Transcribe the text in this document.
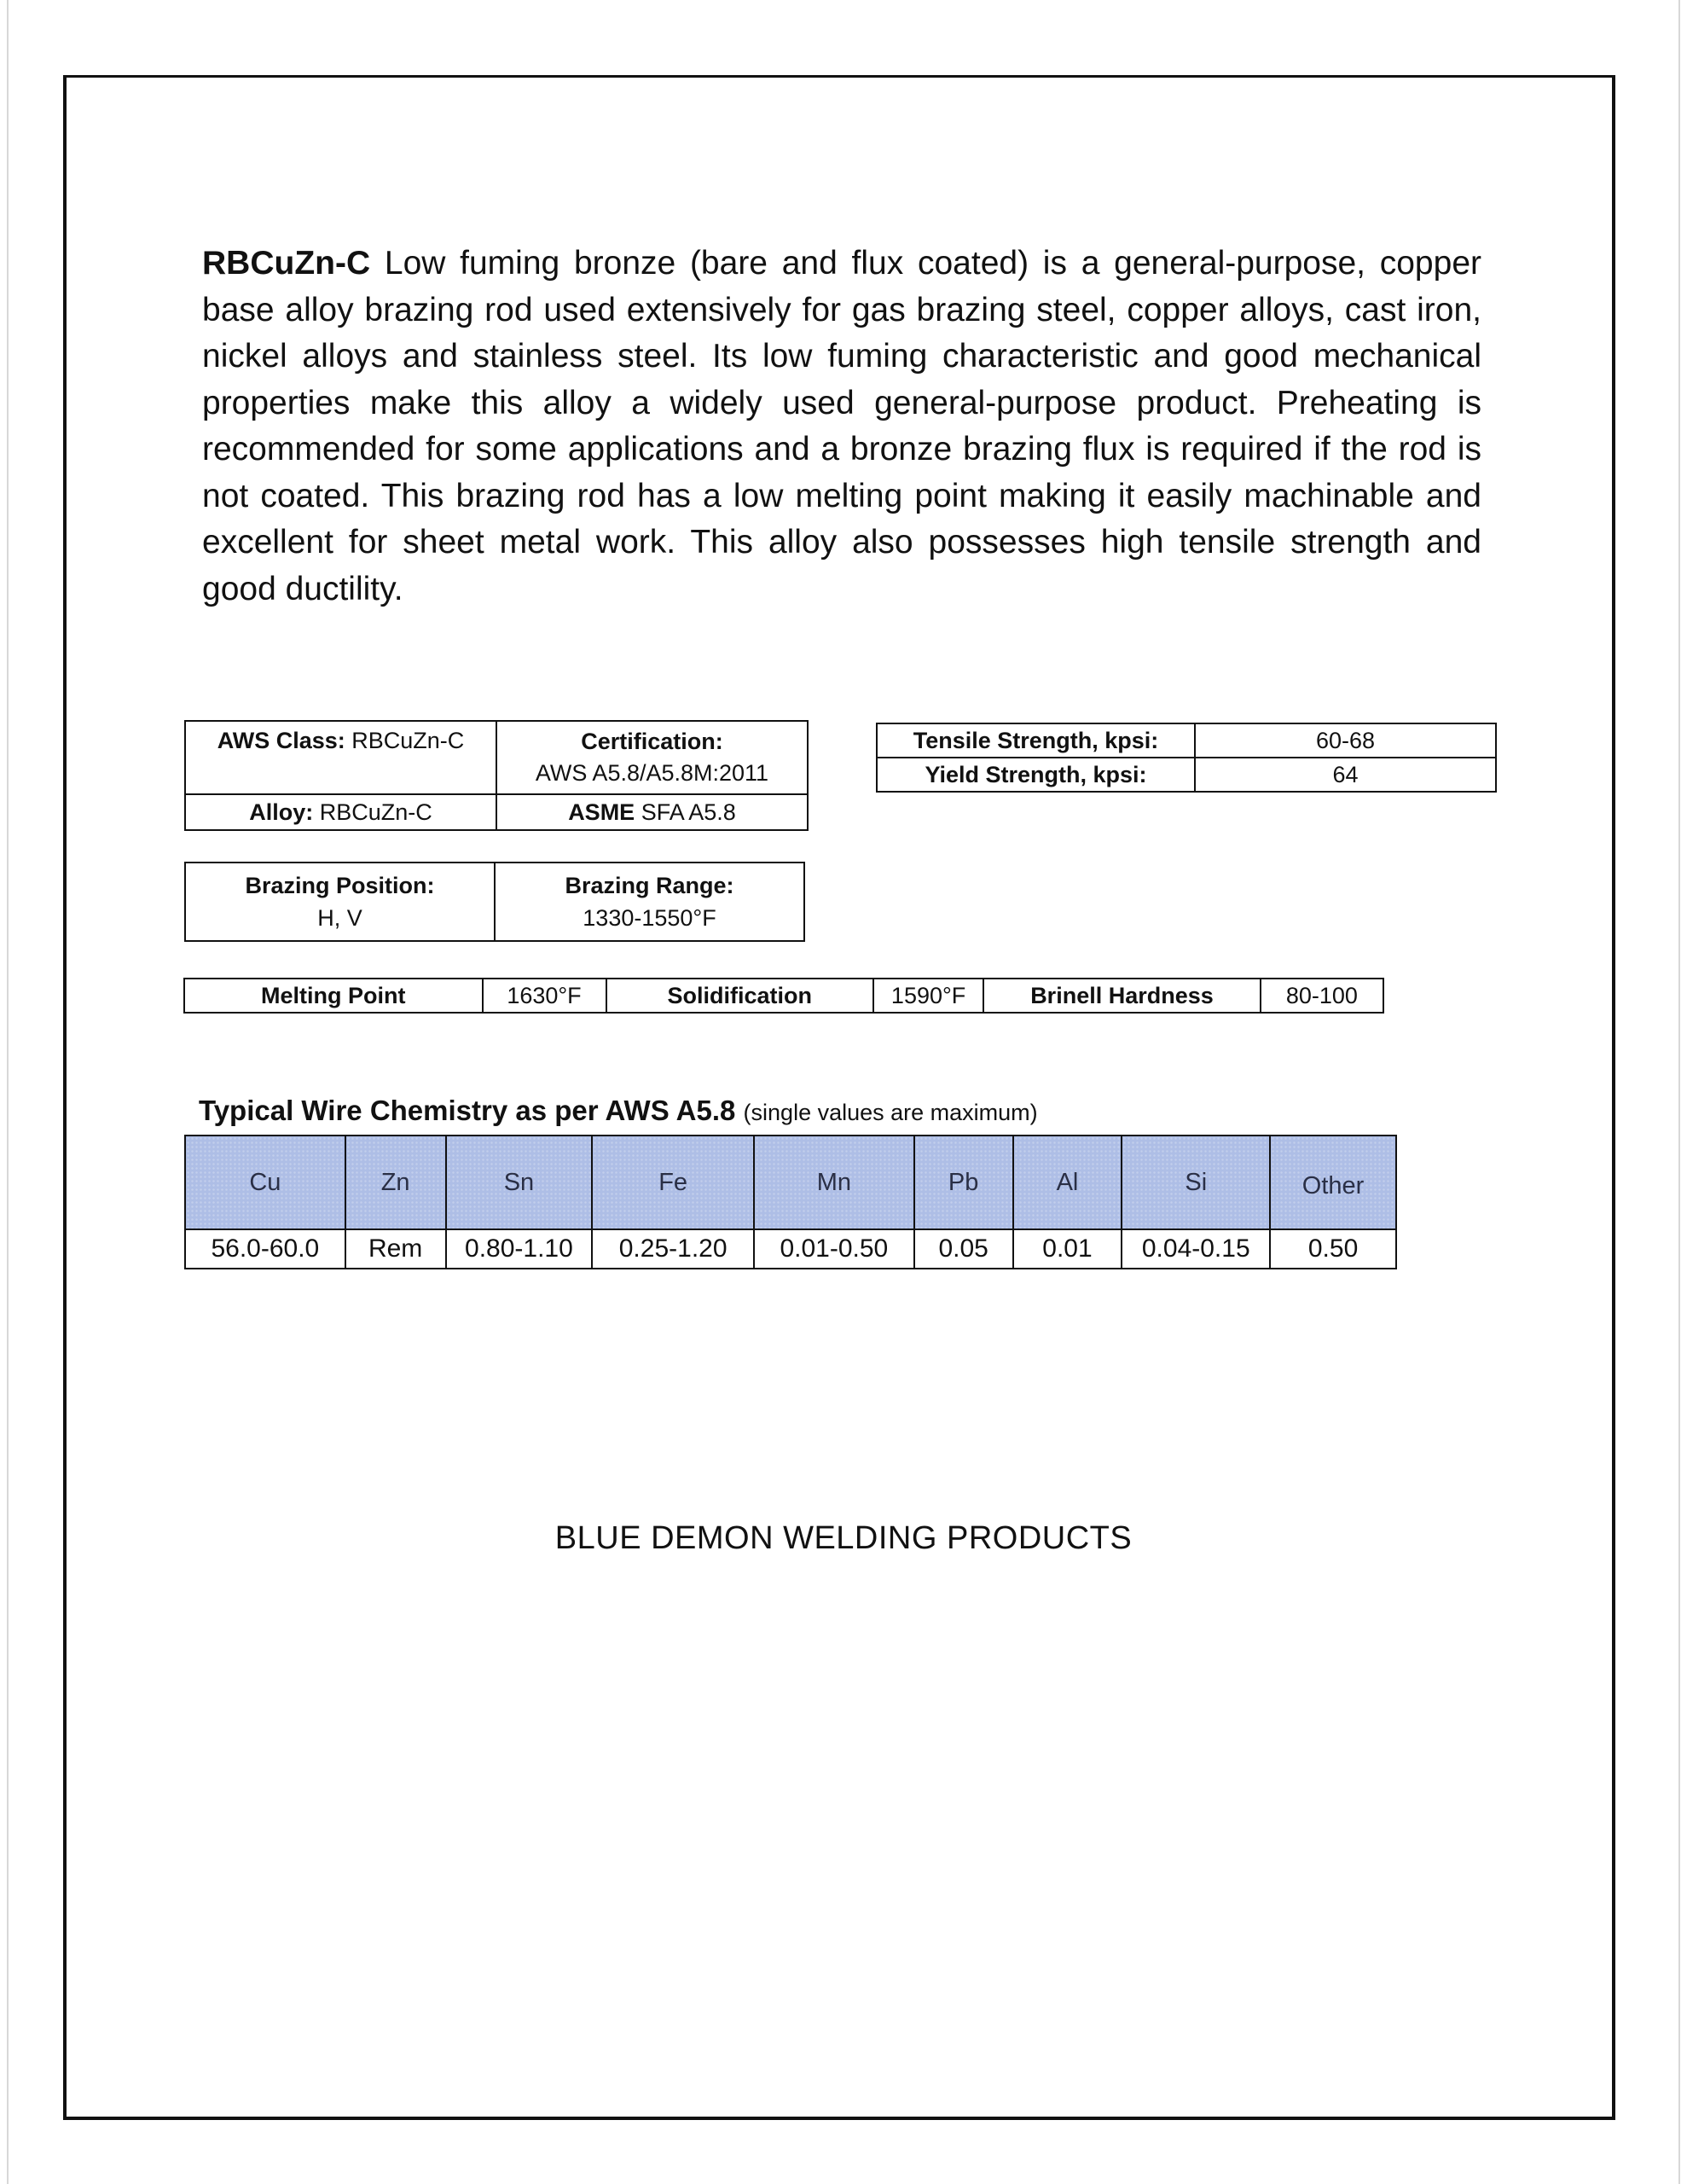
RBCuZn-C Low fuming bronze (bare and flux coated) is a general-purpose, copper base alloy brazing rod used extensively for gas brazing steel, copper alloys, cast iron, nickel alloys and stainless steel. Its low fuming characteristic and good mechanical properties make this alloy a widely used general-purpose product. Preheating is recommended for some applications and a bronze brazing flux is required if the rod is not coated. This brazing rod has a low melting point making it easily machinable and excellent for sheet metal work. This alloy also possesses high tensile strength and good ductility.

AWS Class: RBCuZn-C	Certification:
AWS A5.8/A5.8M:2011

Alloy: RBCuZn-C	ASME SFA A5.8
Tensile Strength, kpsi:	60-68
Yield Strength, kpsi:	64
Brazing Position:
H, V

Brazing Range:
1330-1550°F
Melting Point	1630°F	Solidification	1590°F	Brinell Hardness	80-100
Typical Wire Chemistry as per AWS A5.8 (single values are maximum)
Cu	Zn	Sn	Fe	Mn	Pb	Al	Si	Other
56.0-60.0	Rem	0.80-1.10	0.25-1.20	0.01-0.50	0.05	0.01	0.04-0.15	0.50
BLUE DEMON WELDING PRODUCTS
